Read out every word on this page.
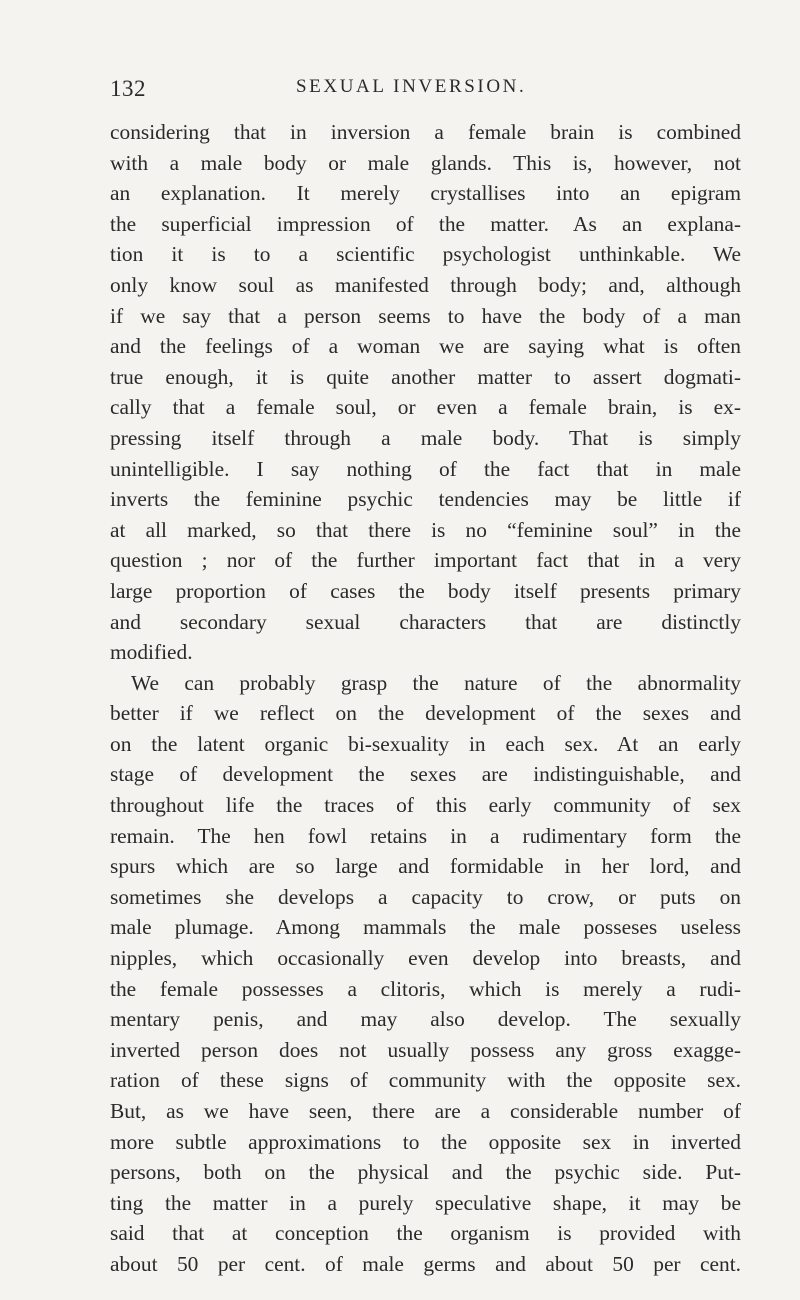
132	SEXUAL INVERSION.
considering that in inversion a female brain is combined
with a male body or male glands. This is, however, not
an explanation. It merely crystallises into an epigram
the superficial impression of the matter. As an explana-
tion it is to a scientific psychologist unthinkable. We
only know soul as manifested through body; and, although
if we say that a person seems to have the body of a man
and the feelings of a woman we are saying what is often
true enough, it is quite another matter to assert dogmati-
cally that a female soul, or even a female brain, is ex-
pressing itself through a male body. That is simply
unintelligible. I say nothing of the fact that in male
inverts the feminine psychic tendencies may be little if
at all marked, so that there is no “feminine soul” in the
question ; nor of the further important fact that in a very
large proportion of cases the body itself presents primary
and secondary sexual characters that are distinctly
modified.
We can probably grasp the nature of the abnormality
better if we reflect on the development of the sexes and
on the latent organic bi-sexuality in each sex. At an early
stage of development the sexes are indistinguishable, and
throughout life the traces of this early community of sex
remain. The hen fowl retains in a rudimentary form the
spurs which are so large and formidable in her lord, and
sometimes she develops a capacity to crow, or puts on
male plumage. Among mammals the male posseses useless
nipples, which occasionally even develop into breasts, and
the female possesses a clitoris, which is merely a rudi-
mentary penis, and may also develop. The sexually
inverted person does not usually possess any gross exagge-
ration of these signs of community with the opposite sex.
But, as we have seen, there are a considerable number of
more subtle approximations to the opposite sex in inverted
persons, both on the physical and the psychic side. Put-
ting the matter in a purely speculative shape, it may be
said that at conception the organism is provided with
about 50 per cent. of male germs and about 50 per cent.
